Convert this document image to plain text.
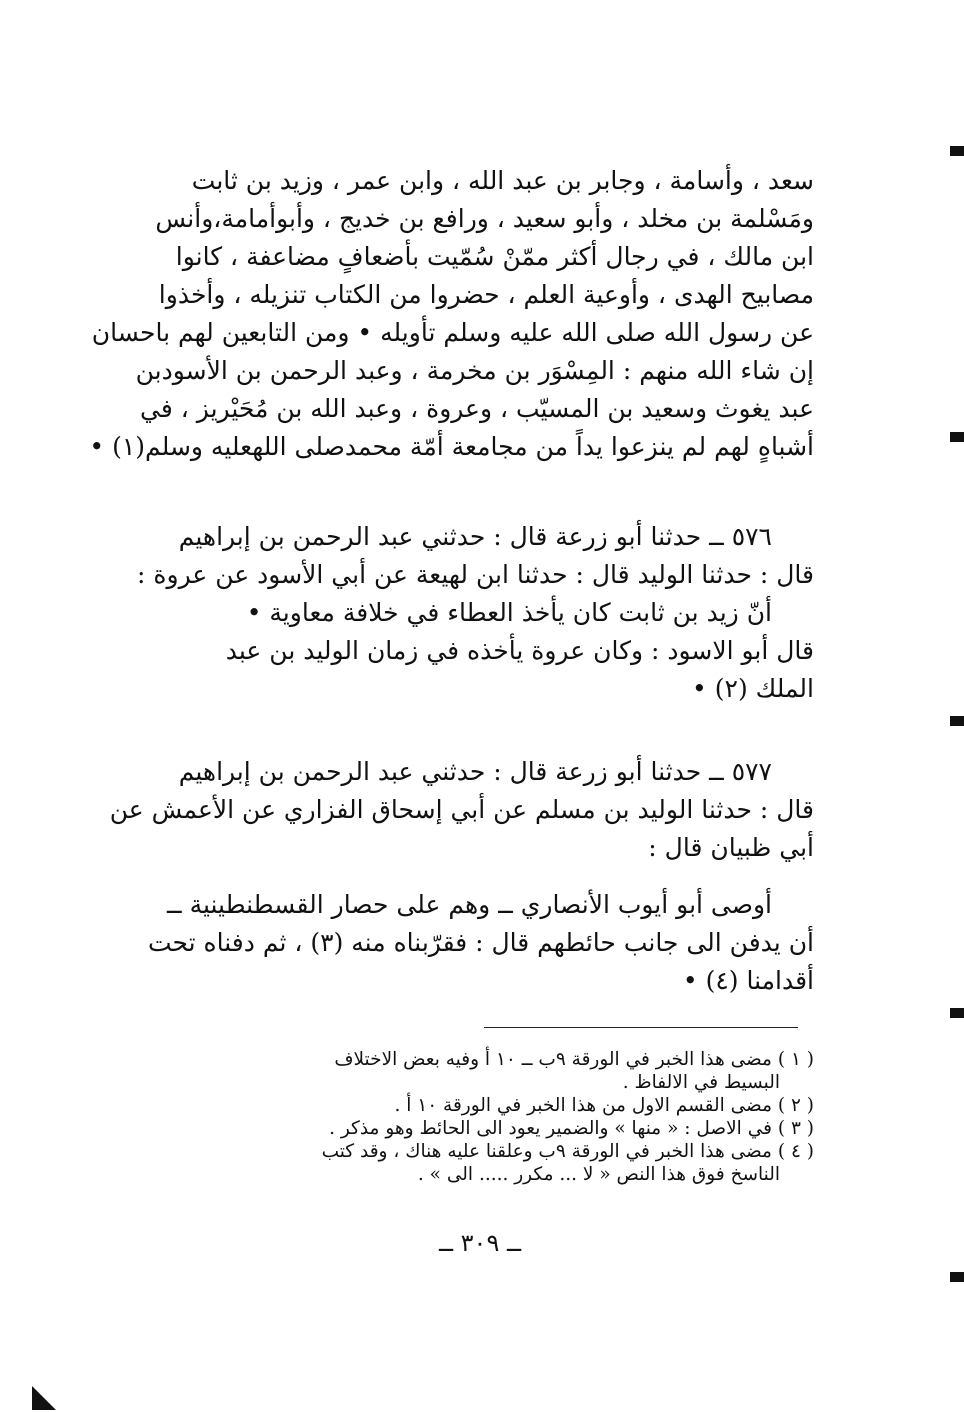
سعد ، وأسامة ، وجابر بن عبد الله ، وابن عمر ، وزيد بن ثابت
ومَسْلمة بن مخلد ، وأبو سعيد ، ورافع بن خديج ، وأبوأمامة،وأنس
ابن مالك ، في رجال أكثر ممّنْ سُمّيت بأضعافٍ مضاعفة ، كانوا
مصابيح الهدى ، وأوعية العلم ، حضروا من الكتاب تنزيله ، وأخذوا
عن رسول الله صلى الله عليه وسلم تأويله • ومن التابعين لهم باحسان
إن شاء الله منهم : المِسْوَر بن مخرمة ، وعبد الرحمن بن الأسودبن
عبد يغوث وسعيد بن المسيّب ، وعروة ، وعبد الله بن مُحَيْريز ، في
أشباهٍ لهم لم ينزعوا يداً من مجامعة أمّة محمدصلى اللهعليه وسلم(١) •
٥٧٦ ــ حدثنا أبو زرعة قال : حدثني عبد الرحمن بن إبراهيم
قال : حدثنا الوليد قال : حدثنا ابن لهيعة عن أبي الأسود عن عروة :
أنّ زيد بن ثابت كان يأخذ العطاء في خلافة معاوية •
قال أبو الاسود : وكان عروة يأخذه في زمان الوليد بن عبد
الملك (٢) •
٥٧٧ ــ حدثنا أبو زرعة قال : حدثني عبد الرحمن بن إبراهيم
قال : حدثنا الوليد بن مسلم عن أبي إسحاق الفزاري عن الأعمش عن
أبي ظبيان قال :
أوصى أبو أيوب الأنصاري ــ وهم على حصار القسطنطينية ــ
أن يدفن الى جانب حائطهم قال : فقرّبناه منه (٣) ، ثم دفناه تحت
أقدامنا (٤) •
( ١ ) مضى هذا الخبر في الورقة ٩ب ــ ١٠ أ وفيه بعض الاختلاف
البسيط في الالفاظ .
( ٢ ) مضى القسم الاول من هذا الخبر في الورقة ١٠ أ .
( ٣ ) في الاصل : « منها » والضمير يعود الى الحائط وهو مذكر .
( ٤ ) مضى هذا الخبر في الورقة ٩ب وعلقنا عليه هناك ، وقد كتب
الناسخ فوق هذا النص « لا ... مكرر ..... الى » .
ــ ٣٠٩ ــ
